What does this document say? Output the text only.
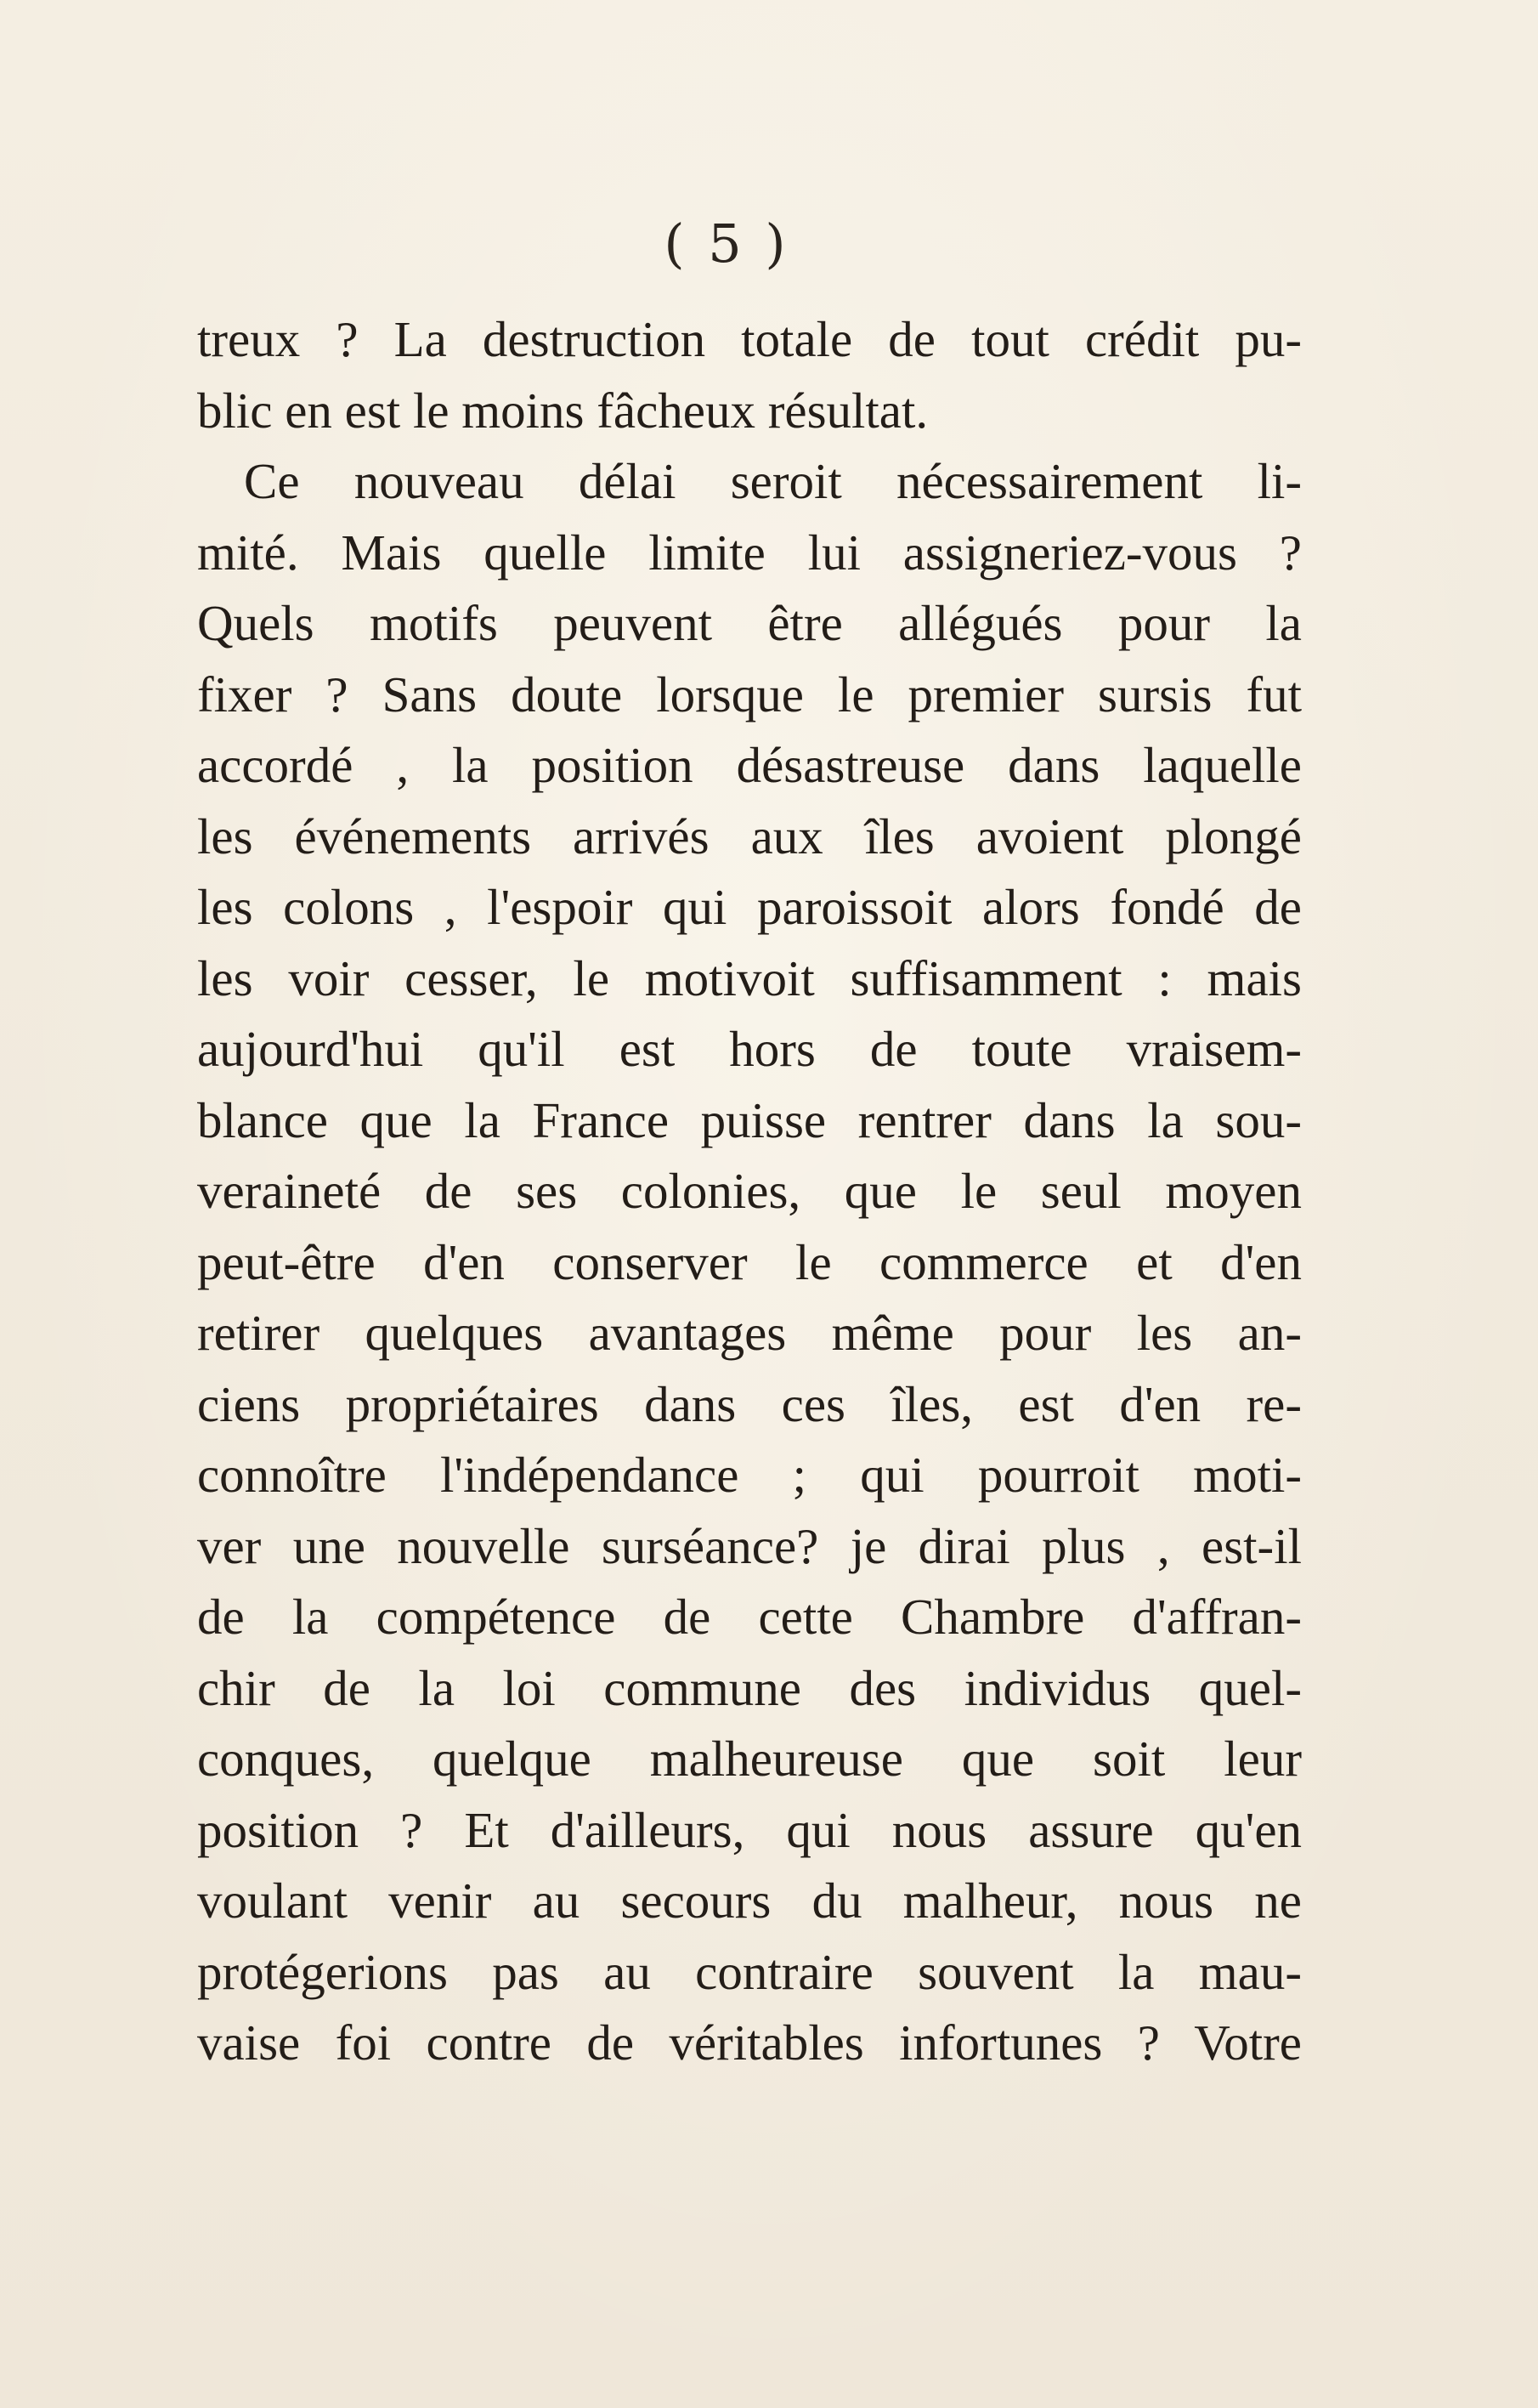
( 5 )
treux ? La destruction totale de tout crédit pu-
blic en est le moins fâcheux résultat.
Ce nouveau délai seroit nécessairement li-
mité. Mais quelle limite lui assigneriez-vous ?
Quels motifs peuvent être allégués pour la
fixer ? Sans doute lorsque le premier sursis fut
accordé , la position désastreuse dans laquelle
les événements arrivés aux îles avoient plongé
les colons , l'espoir qui paroissoit alors fondé de
les voir cesser, le motivoit suffisamment : mais
aujourd'hui qu'il est hors de toute vraisem-
blance que la France puisse rentrer dans la sou-
veraineté de ses colonies, que le seul moyen
peut-être d'en conserver le commerce et d'en
retirer quelques avantages même pour les an-
ciens propriétaires dans ces îles, est d'en re-
connoître l'indépendance ; qui pourroit moti-
ver une nouvelle surséance? je dirai plus , est-il
de la compétence de cette Chambre d'affran-
chir de la loi commune des individus quel-
conques, quelque malheureuse que soit leur
position ? Et d'ailleurs, qui nous assure qu'en
voulant venir au secours du malheur, nous ne
protégerions pas au contraire souvent la mau-
vaise foi contre de véritables infortunes ? Votre
